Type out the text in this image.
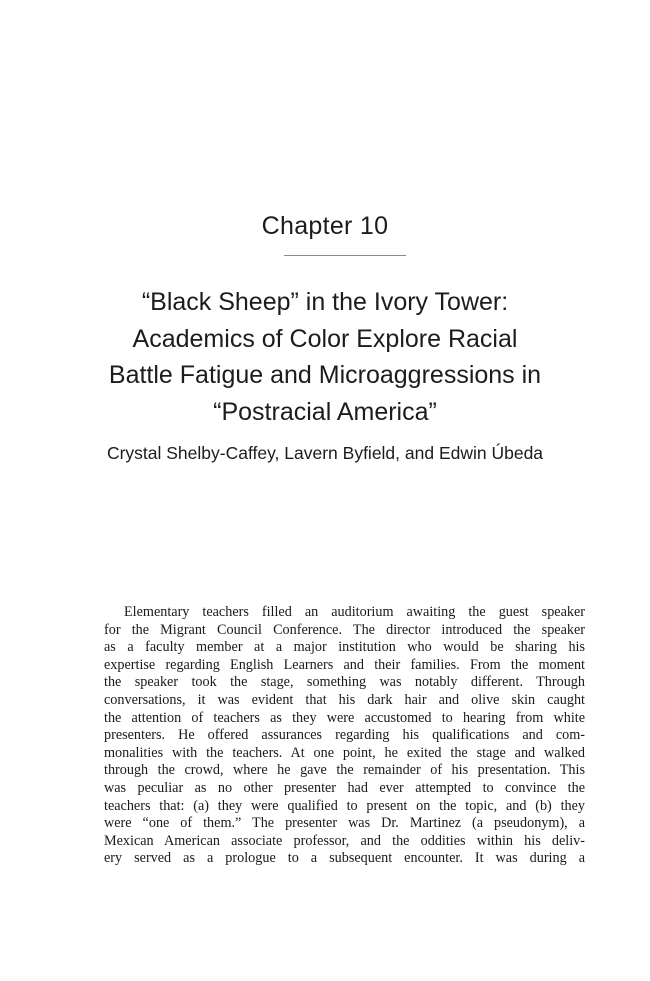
Chapter 10
“Black Sheep” in the Ivory Tower:
Academics of Color Explore Racial
Battle Fatigue and Microaggressions in
“Postracial America”
Crystal Shelby-Caffey, Lavern Byfield, and Edwin Úbeda
Elementary teachers filled an auditorium awaiting the guest speaker
for the Migrant Council Conference. The director introduced the speaker
as a faculty member at a major institution who would be sharing his
expertise regarding English Learners and their families. From the moment
the speaker took the stage, something was notably different. Through
conversations, it was evident that his dark hair and olive skin caught
the attention of teachers as they were accustomed to hearing from white
presenters. He offered assurances regarding his qualifications and com-
monalities with the teachers. At one point, he exited the stage and walked
through the crowd, where he gave the remainder of his presentation. This
was peculiar as no other presenter had ever attempted to convince the
teachers that: (a) they were qualified to present on the topic, and (b) they
were “one of them.” The presenter was Dr. Martinez (a pseudonym), a
Mexican American associate professor, and the oddities within his deliv-
ery served as a prologue to a subsequent encounter. It was during a
